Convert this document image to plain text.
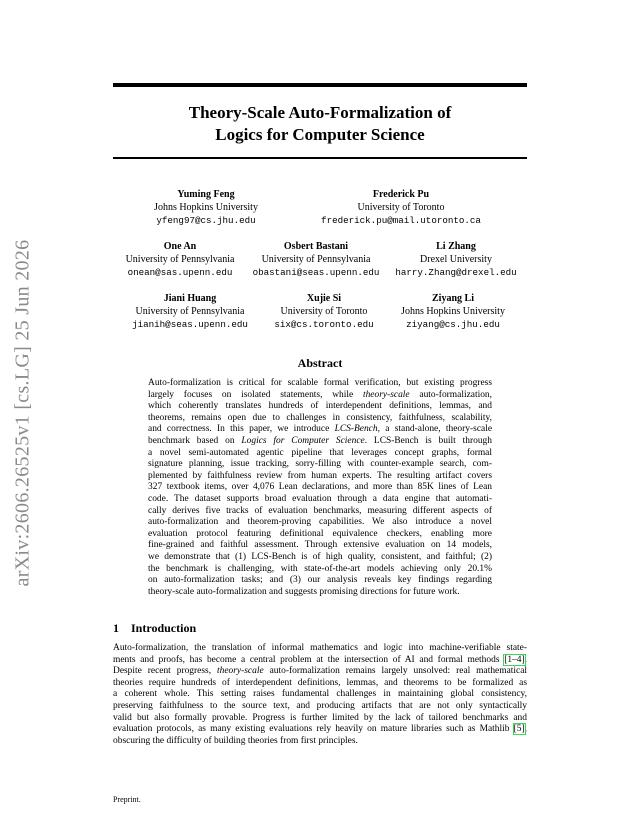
arXiv:2606.26525v1 [cs.LG] 25 Jun 2026
Theory-Scale Auto-Formalization of
Logics for Computer Science
Yuming Feng
Johns Hopkins University
yfeng97@cs.jhu.edu
Frederick Pu
University of Toronto
frederick.pu@mail.utoronto.ca
One An
University of Pennsylvania
onean@sas.upenn.edu
Osbert Bastani
University of Pennsylvania
obastani@seas.upenn.edu
Li Zhang
Drexel University
harry.Zhang@drexel.edu
Jiani Huang
University of Pennsylvania
jianih@seas.upenn.edu
Xujie Si
University of Toronto
six@cs.toronto.edu
Ziyang Li
Johns Hopkins University
ziyang@cs.jhu.edu
Abstract
Auto-formalization is critical for scalable formal verification, but existing progress
largely focuses on isolated statements, while theory-scale auto-formalization,
which coherently translates hundreds of interdependent definitions, lemmas, and
theorems, remains open due to challenges in consistency, faithfulness, scalability,
and correctness. In this paper, we introduce LCS-Bench, a stand-alone, theory-scale
benchmark based on Logics for Computer Science. LCS-Bench is built through
a novel semi-automated agentic pipeline that leverages concept graphs, formal
signature planning, issue tracking, sorry-filling with counter-example search, com-
plemented by faithfulness review from human experts. The resulting artifact covers
327 textbook items, over 4,076 Lean declarations, and more than 85K lines of Lean
code. The dataset supports broad evaluation through a data engine that automati-
cally derives five tracks of evaluation benchmarks, measuring different aspects of
auto-formalization and theorem-proving capabilities. We also introduce a novel
evaluation protocol featuring definitional equivalence checkers, enabling more
fine-grained and faithful assessment. Through extensive evaluation on 14 models,
we demonstrate that (1) LCS-Bench is of high quality, consistent, and faithful; (2)
the benchmark is challenging, with state-of-the-art models achieving only 20.1%
on auto-formalization tasks; and (3) our analysis reveals key findings regarding
theory-scale auto-formalization and suggests promising directions for future work.
1 Introduction
Auto-formalization, the translation of informal mathematics and logic into machine-verifiable state-
ments and proofs, has become a central problem at the intersection of AI and formal methods [1–4].
Despite recent progress, theory-scale auto-formalization remains largely unsolved: real mathematical
theories require hundreds of interdependent definitions, lemmas, and theorems to be formalized as
a coherent whole. This setting raises fundamental challenges in maintaining global consistency,
preserving faithfulness to the source text, and producing artifacts that are not only syntactically
valid but also formally provable. Progress is further limited by the lack of tailored benchmarks and
evaluation protocols, as many existing evaluations rely heavily on mature libraries such as Mathlib [5],
obscuring the difficulty of building theories from first principles.
Preprint.
